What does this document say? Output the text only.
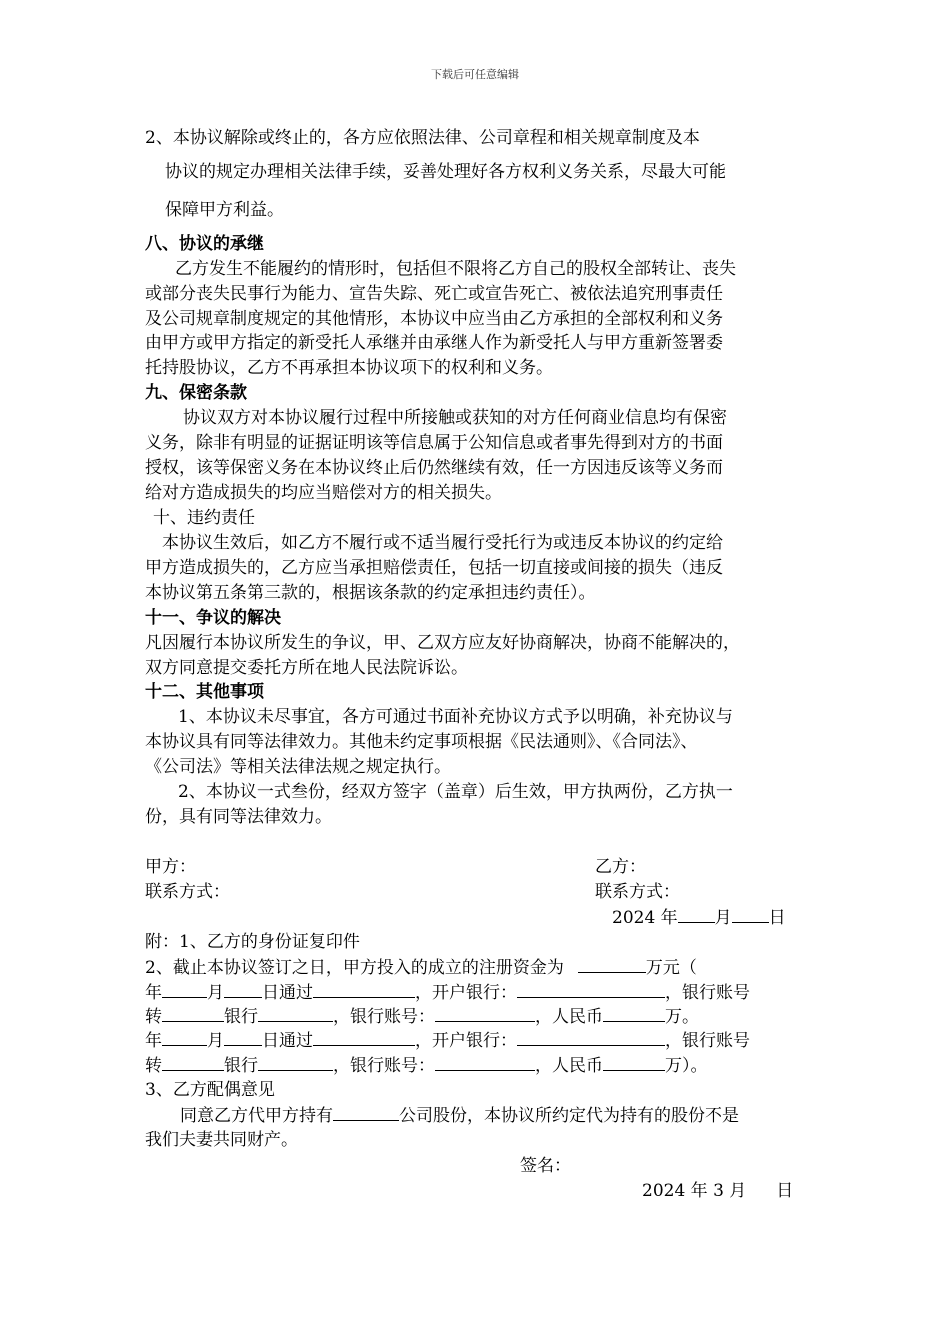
下载后可任意编辑
2、本协议解除或终止的，各方应依照法律、公司章程和相关规章制度及本
协议的规定办理相关法律手续，妥善处理好各方权利义务关系，尽最大可能
保障甲方利益。
八、协议的承继
乙方发生不能履约的情形时，包括但不限将乙方自己的股权全部转让、丧失
或部分丧失民事行为能力、宣告失踪、死亡或宣告死亡、被依法追究刑事责任
及公司规章制度规定的其他情形，本协议中应当由乙方承担的全部权利和义务
由甲方或甲方指定的新受托人承继并由承继人作为新受托人与甲方重新签署委
托持股协议，乙方不再承担本协议项下的权利和义务。
九、保密条款
协议双方对本协议履行过程中所接触或获知的对方任何商业信息均有保密
义务，除非有明显的证据证明该等信息属于公知信息或者事先得到对方的书面
授权，该等保密义务在本协议终止后仍然继续有效，任一方因违反该等义务而
给对方造成损失的均应当赔偿对方的相关损失。
十、违约责任
本协议生效后，如乙方不履行或不适当履行受托行为或违反本协议的约定给
甲方造成损失的，乙方应当承担赔偿责任，包括一切直接或间接的损失（违反
本协议第五条第三款的，根据该条款的约定承担违约责任）。
十一、争议的解决
凡因履行本协议所发生的争议，甲、乙双方应友好协商解决，协商不能解决的，
双方同意提交委托方所在地人民法院诉讼。
十二、其他事项
1、本协议未尽事宜，各方可通过书面补充协议方式予以明确，补充协议与
本协议具有同等法律效力。其他未约定事项根据《民法通则》、《合同法》、
《公司法》等相关法律法规之规定执行。
2、本协议一式叁份，经双方签字（盖章）后生效，甲方执两份，乙方执一
份，具有同等法律效力。
甲方：	乙方：
联系方式：	联系方式：
2024 年 月 日
附：1、乙方的身份证复印件
2、截止本协议签订之日，甲方投入的成立的注册资金为	万元（
年	月 日通过	，开户银行：	，银行账号
转	银行	，银行账号：	，人民币	万。
年	月 日通过	，开户银行：	，银行账号
转	银行	，银行账号：	，人民币	万）。
3、乙方配偶意见
同意乙方代甲方持有	公司股份，本协议所约定代为持有的股份不是
我们夫妻共同财产。
签名：
2024 年 3 月 日
